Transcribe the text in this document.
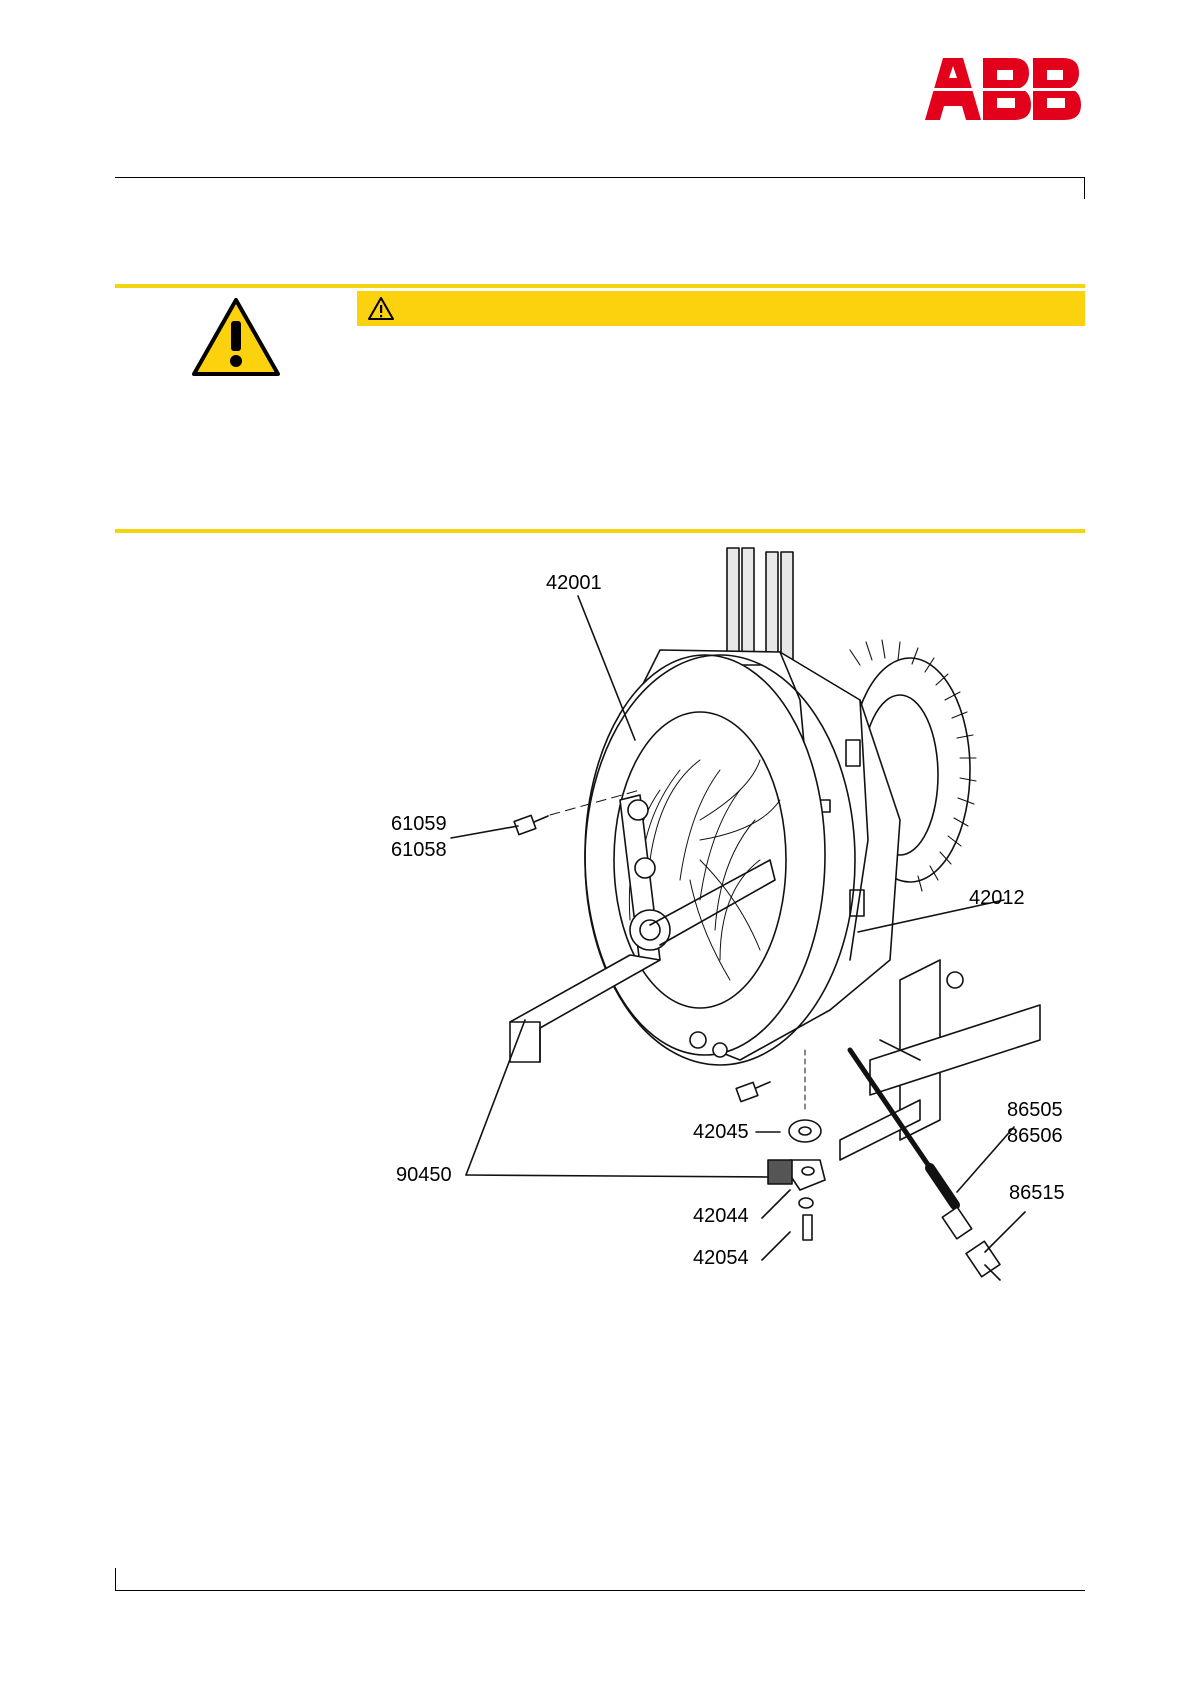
ABB
42001
61059
61058
42012
86505
86506
42045
90450
86515
42044
42054
